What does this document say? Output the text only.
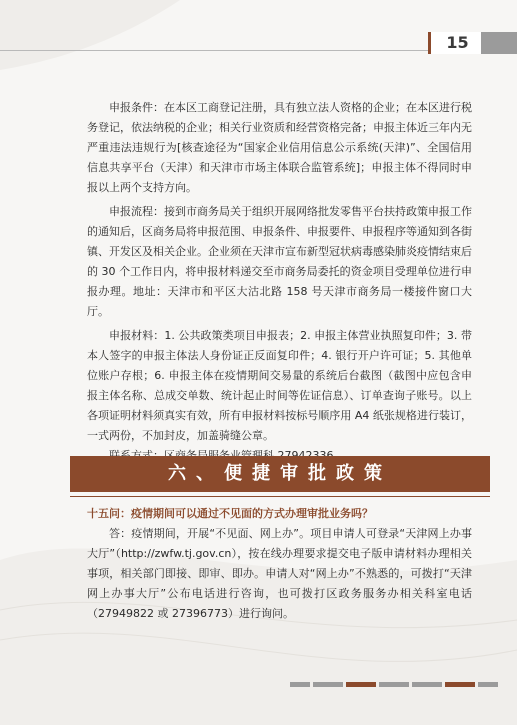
15

申报条件：在本区工商登记注册，具有独立法人资格的企业；在本区进行税务登记，依法纳税的企业；相关行业资质和经营资格完备；申报主体近三年内无严重违法违规行为[核查途径为“国家企业信用信息公示系统(天津)”、全国信用信息共享平台（天津）和天津市市场主体联合监管系统]；申报主体不得同时申报以上两个支持方向。

申报流程：接到市商务局关于组织开展网络批发零售平台扶持政策申报工作的通知后，区商务局将申报范围、申报条件、申报要件、申报程序等通知到各街镇、开发区及相关企业。企业须在天津市宣布新型冠状病毒感染肺炎疫情结束后的 30 个工作日内，将申报材料递交至市商务局委托的资金项目受理单位进行申报办理。地址：天津市和平区大沽北路 158 号天津市商务局一楼接件窗口大厅。

申报材料：1. 公共政策类项目申报表；2. 申报主体营业执照复印件；3. 带本人签字的申报主体法人身份证正反面复印件；4. 银行开户许可证；5. 其他单位账户存根；6. 申报主体在疫情期间交易量的系统后台截图（截图中应包含申报主体名称、总成交单数、统计起止时间等佐证信息）、订单查询子账号。以上各项证明材料须真实有效，所有申报材料按标号顺序用 A4 纸张规格进行装订，一式两份，不加封皮，加盖骑缝公章。

六、便捷审批政策

十五问：疫情期间可以通过不见面的方式办理审批业务吗？

答：疫情期间，开展“不见面、网上办”。项目申请人可登录“天津网上办事大厅”（http://zwfw.tj.gov.cn），按在线办理要求提交电子版申请材料办理相关事项，相关部门即接、即审、即办。申请人对“网上办”不熟悉的，可拨打“天津网上办事大厅”公布电话进行咨询，也可拨打区政务服务办相关科室电话（27949822 或 27396773）进行询问。
